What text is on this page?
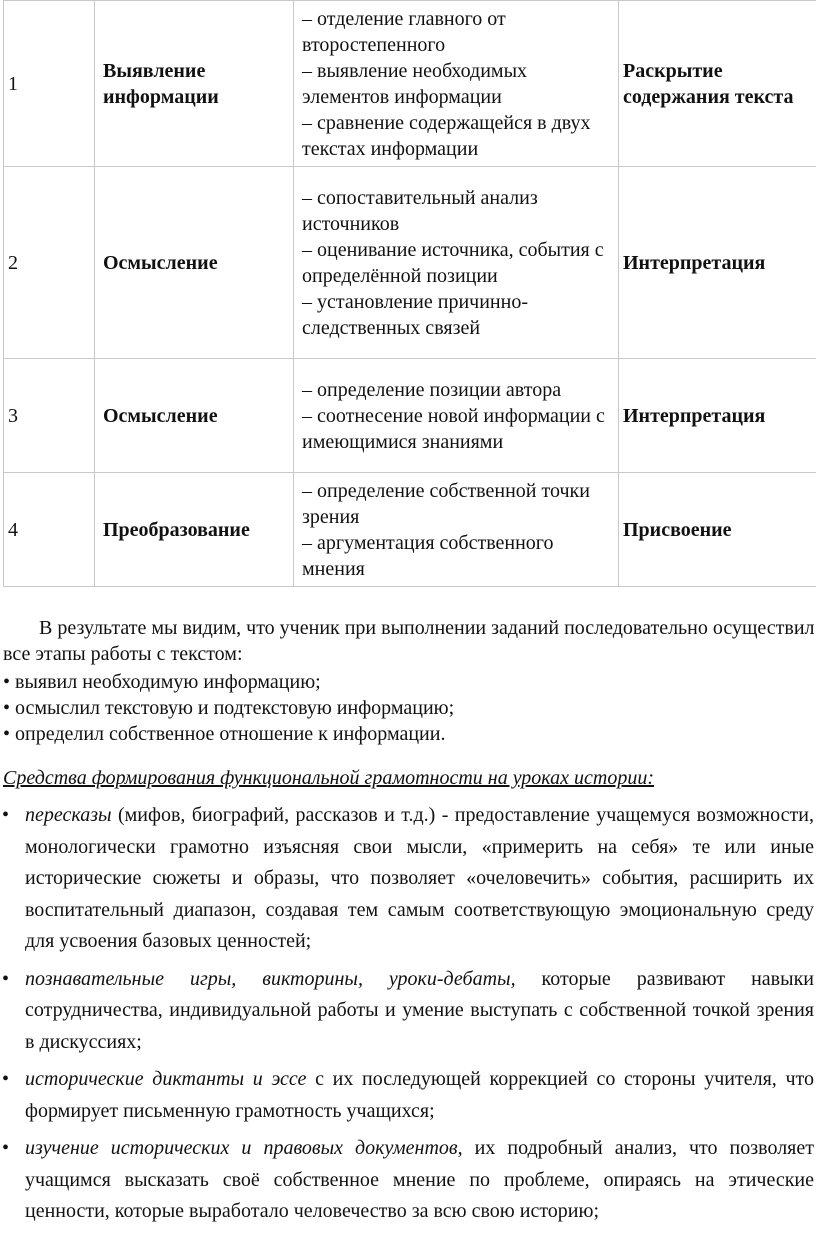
1	Выявление информации	– отделение главного от второстепенного
– выявление необходимых элементов информации
– сравнение содержащейся в двух текстах информации	Раскрытие содержания текста
2	Осмысление	– сопоставительный анализ источников
– оценивание источника, события с определённой позиции
– установление причинно-следственных связей	Интерпретация
3	Осмысление	– определение позиции автора
– соотнесение новой информации с имеющимися знаниями	Интерпретация
4	Преобразование	– определение собственной точки зрения
– аргументация собственного мнения	Присвоение

В результате мы видим, что ученик при выполнении заданий последовательно осуществил все этапы работы с текстом:

• выявил необходимую информацию;

• осмыслил текстовую и подтекстовую информацию;

• определил собственное отношение к информации.

Средства формирования функциональной грамотности на уроках истории:

• пересказы (мифов, биографий, рассказов и т.д.) - предоставление учащемуся возможности, монологически грамотно изъясняя свои мысли, «примерить на себя» те или иные исторические сюжеты и образы, что позволяет «очеловечить» события, расширить их воспитательный диапазон, создавая тем самым соответствующую эмоциональную среду для усвоения базовых ценностей;
• познавательные игры, викторины, уроки-дебаты, которые развивают навыки сотрудничества, индивидуальной работы и умение выступать с собственной точкой зрения в дискуссиях;
• исторические диктанты и эссе с их последующей коррекцией со стороны учителя, что формирует письменную грамотность учащихся;
• изучение исторических и правовых документов, их подробный анализ, что позволяет учащимся высказать своё собственное мнение по проблеме, опираясь на этические ценности, которые выработало человечество за всю свою историю;
